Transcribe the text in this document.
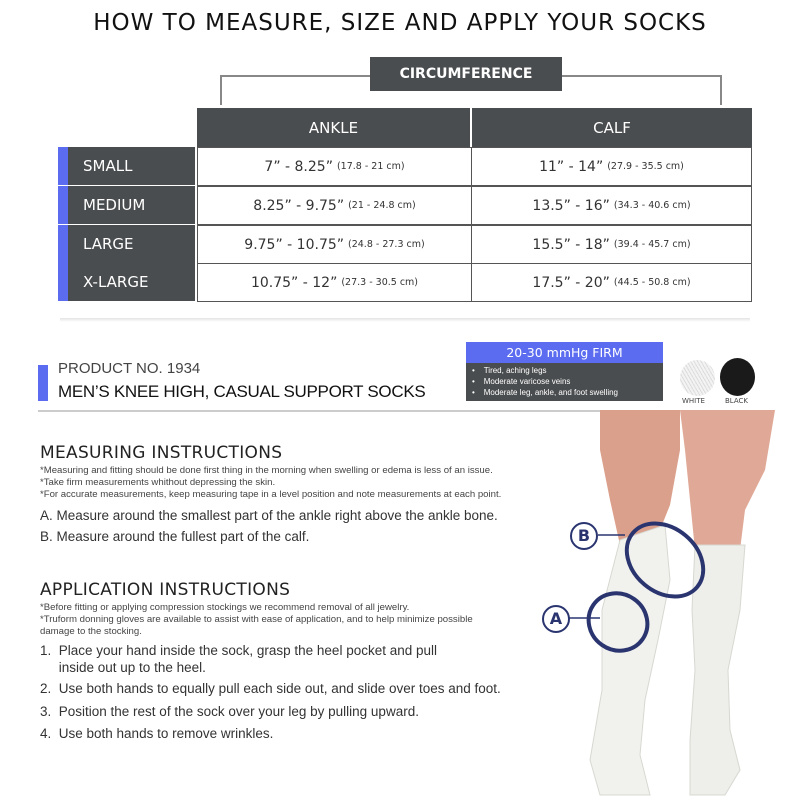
HOW TO MEASURE, SIZE AND APPLY YOUR SOCKS
CIRCUMFERENCE
ANKLE	CALF
SMALL	7” - 8.25” (17.8 - 21 cm)	11” - 14” (27.9 - 35.5 cm)
MEDIUM	8.25” - 9.75” (21 - 24.8 cm)	13.5” - 16” (34.3 - 40.6 cm)
LARGE	9.75” - 10.75” (24.8 - 27.3 cm)	15.5” - 18” (39.4 - 45.7 cm)
X-LARGE	10.75” - 12” (27.3 - 30.5 cm)	17.5” - 20” (44.5 - 50.8 cm)
PRODUCT NO. 1934
MEN’S KNEE HIGH, CASUAL SUPPORT SOCKS
20-30 mmHg FIRM
•    Tired, aching legs
•    Moderate varicose veins
•    Moderate leg, ankle, and foot swelling
WHITE	BLACK
B
A
MEASURING INSTRUCTIONS
*Measuring and fitting should be done first thing in the morning when swelling or edema is less of an issue.
*Take firm measurements whithout depressing the skin.
*For accurate measurements, keep measuring tape in a level position and note measurements at each point.
A. Measure around the smallest part of the ankle right above the ankle bone.
B. Measure around the fullest part of the calf.
APPLICATION INSTRUCTIONS
*Before fitting or applying compression stockings we recommend removal of all jewelry.
*Truform donning gloves are available to assist with ease of application, and to help minimize possible
damage to the stocking.
1.  Place your hand inside the sock, grasp the heel pocket and pull
inside out up to the heel.
2.  Use both hands to equally pull each side out, and slide over toes and foot.
3.  Position the rest of the sock over your leg by pulling upward.
4.  Use both hands to remove wrinkles.
